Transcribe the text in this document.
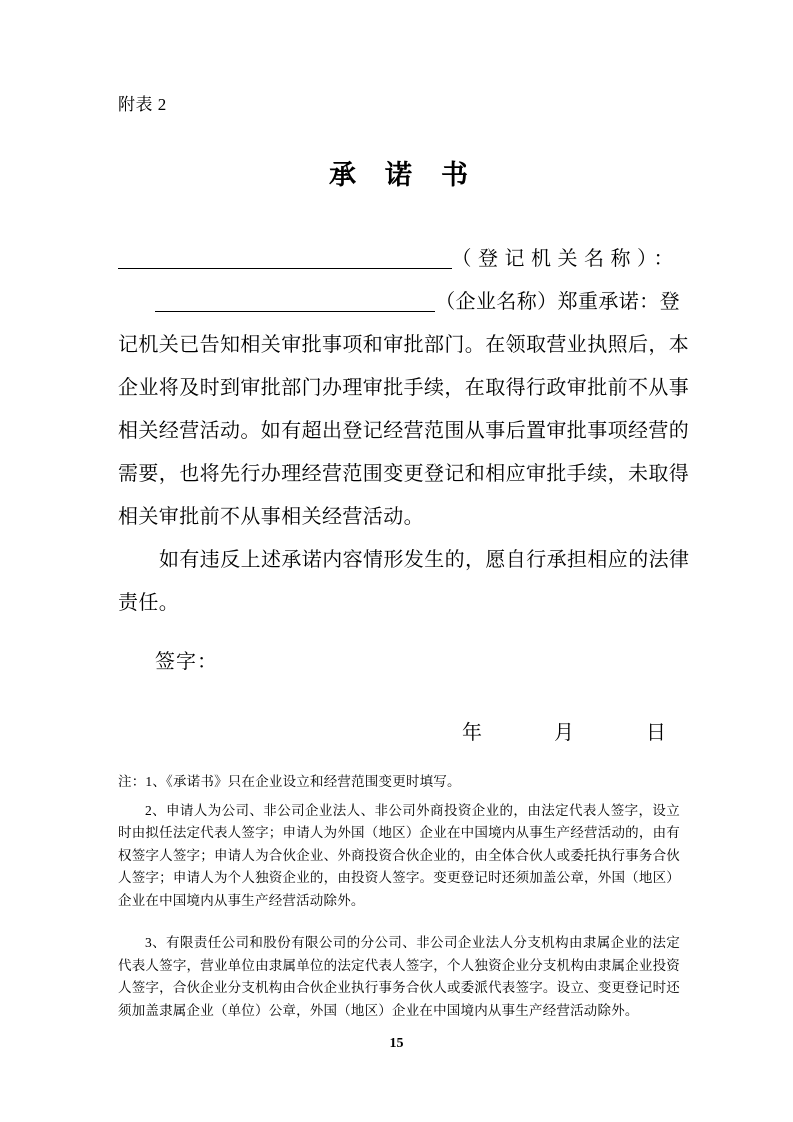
附表 2
承　诺　书
（登记机关名称）：
（企业名称）郑重承诺：登
记机关已告知相关审批事项和审批部门。在领取营业执照后，本
企业将及时到审批部门办理审批手续，在取得行政审批前不从事
相关经营活动。如有超出登记经营范围从事后置审批事项经营的
需要，也将先行办理经营范围变更登记和相应审批手续，未取得
相关审批前不从事相关经营活动。
如有违反上述承诺内容情形发生的，愿自行承担相应的法律
责任。
签字：
年	月	日

注：1、《承诺书》只在企业设立和经营范围变更时填写。

2、申请人为公司、非公司企业法人、非公司外商投资企业的，由法定代表人签字，设立时由拟任法定代表人签字；申请人为外国（地区）企业在中国境内从事生产经营活动的，由有权签字人签字；申请人为合伙企业、外商投资合伙企业的，由全体合伙人或委托执行事务合伙人签字；申请人为个人独资企业的，由投资人签字。变更登记时还须加盖公章，外国（地区）企业在中国境内从事生产经营活动除外。

3、有限责任公司和股份有限公司的分公司、非公司企业法人分支机构由隶属企业的法定代表人签字，营业单位由隶属单位的法定代表人签字，个人独资企业分支机构由隶属企业投资人签字，合伙企业分支机构由合伙企业执行事务合伙人或委派代表签字。设立、变更登记时还须加盖隶属企业（单位）公章，外国（地区）企业在中国境内从事生产经营活动除外。

15
